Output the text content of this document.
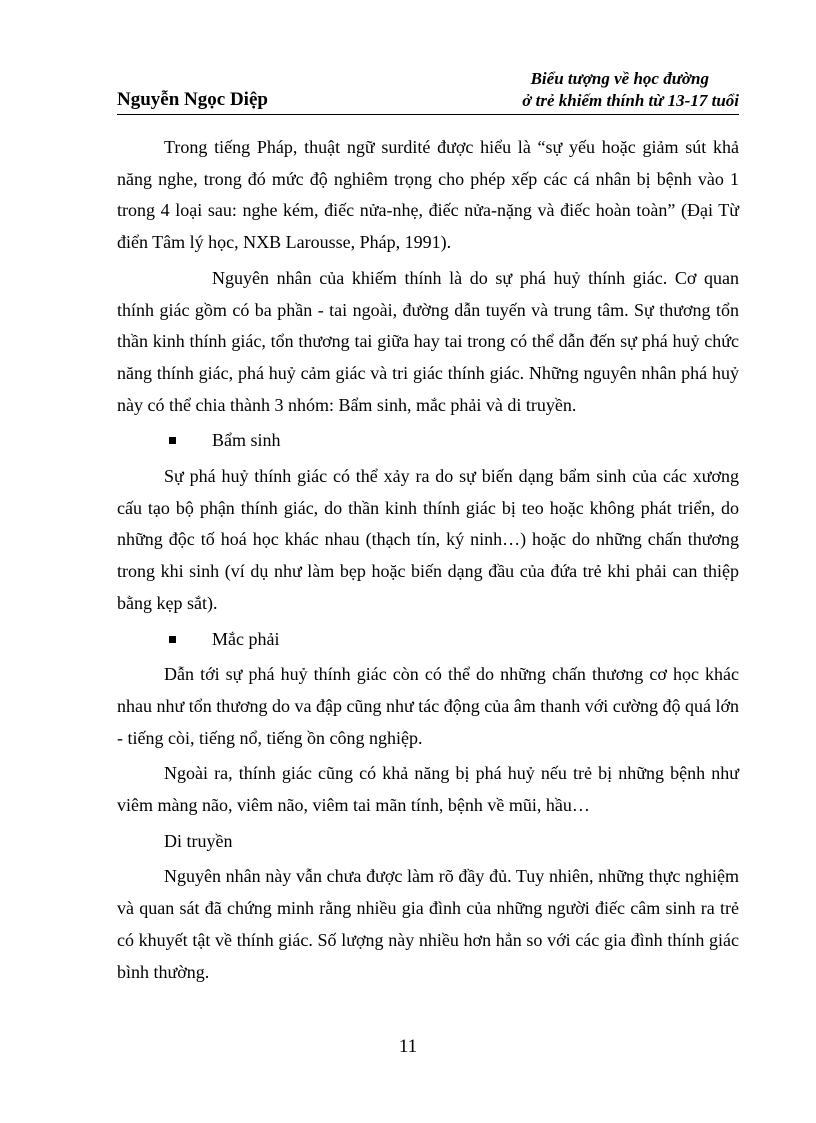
Nguyễn Ngọc Diệp
Biểu tượng về học đường
ở trẻ khiếm thính từ 13-17 tuổi

Trong tiếng Pháp, thuật ngữ surdité được hiểu là “sự yếu hoặc giảm sút khả năng nghe, trong đó mức độ nghiêm trọng cho phép xếp các cá nhân bị bệnh vào 1 trong 4 loại sau: nghe kém, điếc nửa-nhẹ, điếc nửa-nặng và điếc hoàn toàn” (Đại Từ điển Tâm lý học, NXB Larousse, Pháp, 1991).

Nguyên nhân của khiếm thính là do sự phá huỷ thính giác. Cơ quan thính giác gồm có ba phần - tai ngoài, đường dẫn tuyến và trung tâm. Sự thương tổn thần kinh thính giác, tổn thương tai giữa hay tai trong có thể dẫn đến sự phá huỷ chức năng thính giác, phá huỷ cảm giác và tri giác thính giác. Những nguyên nhân phá huỷ này có thể chia thành 3 nhóm: Bẩm sinh, mắc phải và di truyền.

Bẩm sinh

Sự phá huỷ thính giác có thể xảy ra do sự biến dạng bẩm sinh của các xương cấu tạo bộ phận thính giác, do thần kinh thính giác bị teo hoặc không phát triển, do những độc tố hoá học khác nhau (thạch tín, ký ninh…) hoặc do những chấn thương trong khi sinh (ví dụ như làm bẹp hoặc biến dạng đầu của đứa trẻ khi phải can thiệp bằng kẹp sắt).

Mắc phải

Dẫn tới sự phá huỷ thính giác còn có thể do những chấn thương cơ học khác nhau như tổn thương do va đập cũng như tác động của âm thanh với cường độ quá lớn - tiếng còi, tiếng nổ, tiếng ồn công nghiệp.

Ngoài ra, thính giác cũng có khả năng bị phá huỷ nếu trẻ bị những bệnh như viêm màng não, viêm não, viêm tai mãn tính, bệnh về mũi, hầu…

Di truyền

Nguyên nhân này vẫn chưa được làm rõ đầy đủ. Tuy nhiên, những thực nghiệm và quan sát đã chứng minh rằng nhiều gia đình của những người điếc câm sinh ra trẻ có khuyết tật về thính giác. Số lượng này nhiều hơn hẳn so với các gia đình thính giác bình thường.

11
